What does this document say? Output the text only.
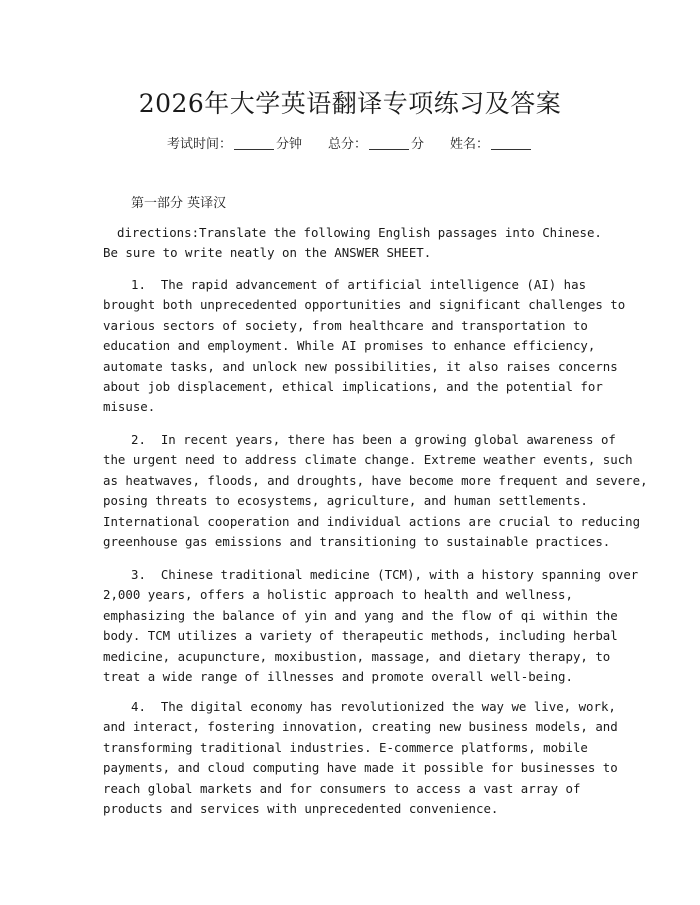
2026年大学英语翻译专项练习及答案
考试时间：	分钟 总分：	分 姓名：
第一部分 英译汉

directions:Translate the following English passages into Chinese.

Be sure to write neatly on the ANSWER SHEET.

1.  The rapid advancement of artificial intelligence (AI) has

brought both unprecedented opportunities and significant challenges to

various sectors of society, from healthcare and transportation to

education and employment. While AI promises to enhance efficiency,

automate tasks, and unlock new possibilities, it also raises concerns

about job displacement, ethical implications, and the potential for

misuse.

2.  In recent years, there has been a growing global awareness of

the urgent need to address climate change. Extreme weather events, such

as heatwaves, floods, and droughts, have become more frequent and severe,

posing threats to ecosystems, agriculture, and human settlements.

International cooperation and individual actions are crucial to reducing

greenhouse gas emissions and transitioning to sustainable practices.

3.  Chinese traditional medicine (TCM), with a history spanning over

2,000 years, offers a holistic approach to health and wellness,

emphasizing the balance of yin and yang and the flow of qi within the

body. TCM utilizes a variety of therapeutic methods, including herbal

medicine, acupuncture, moxibustion, massage, and dietary therapy, to

treat a wide range of illnesses and promote overall well-being.

4.  The digital economy has revolutionized the way we live, work,

and interact, fostering innovation, creating new business models, and

transforming traditional industries. E-commerce platforms, mobile

payments, and cloud computing have made it possible for businesses to

reach global markets and for consumers to access a vast array of

products and services with unprecedented convenience.
